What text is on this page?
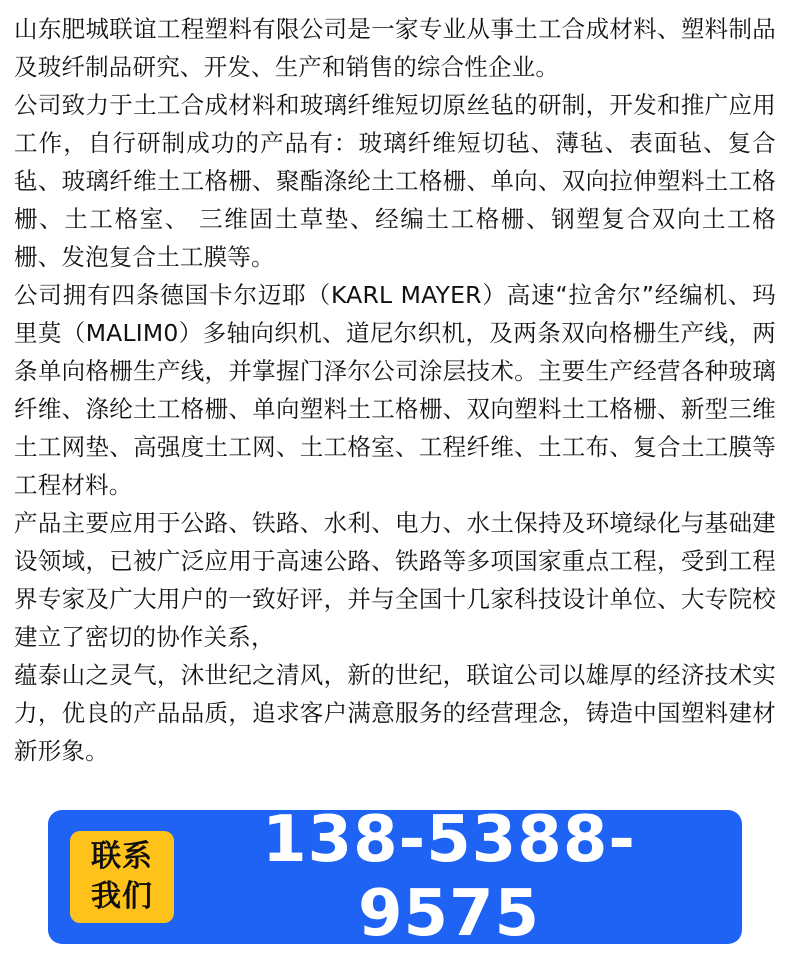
山东肥城联谊工程塑料有限公司是一家专业从事土工合成材料、塑料制品及玻纤制品研究、开发、生产和销售的综合性企业。

公司致力于土工合成材料和玻璃纤维短切原丝毡的研制，开发和推广应用工作，自行研制成功的产品有：玻璃纤维短切毡、薄毡、表面毡、复合毡、玻璃纤维土工格栅、聚酯涤纶土工格栅、单向、双向拉伸塑料土工格栅、土工格室、 三维固土草垫、经编土工格栅、钢塑复合双向土工格栅、发泡复合土工膜等。

公司拥有四条德国卡尔迈耶（KARL MAYER）高速“拉舍尔”经编机、玛里莫（MALIM0）多轴向织机、道尼尔织机，及两条双向格栅生产线，两条单向格栅生产线，并掌握门泽尔公司涂层技术。主要生产经营各种玻璃纤维、涤纶土工格栅、单向塑料土工格栅、双向塑料土工格栅、新型三维土工网垫、高强度土工网、土工格室、工程纤维、土工布、复合土工膜等工程材料。

产品主要应用于公路、铁路、水利、电力、水土保持及环境绿化与基础建设领域，已被广泛应用于高速公路、铁路等多项国家重点工程，受到工程界专家及广大用户的一致好评，并与全国十几家科技设计单位、大专院校建立了密切的协作关系，

蕴泰山之灵气，沐世纪之清风，新的世纪，联谊公司以雄厚的经济技术实力，优良的产品品质，追求客户满意服务的经营理念，铸造中国塑料建材新形象。

联系
我们
138-5388-9575
